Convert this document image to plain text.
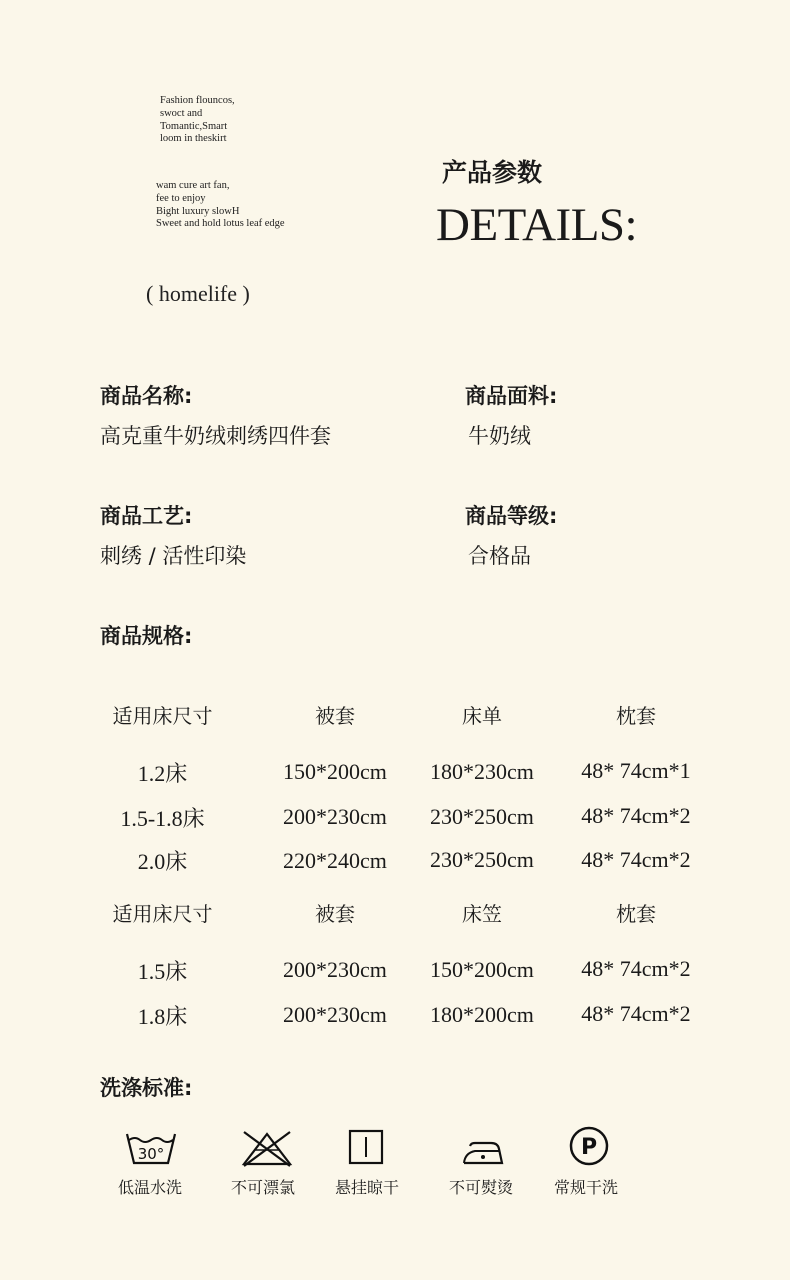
Fashion flouncos,
swoct and
Tomantic,Smart
loom in theskirt
wam cure art fan,
fee to enjoy
Bight luxury slowH
Sweet and hold lotus leaf edge
( homelife )
产品参数
DETAILS:
商品名称:
高克重牛奶绒刺绣四件套
商品面料:
牛奶绒
商品工艺:
刺绣 / 活性印染
商品等级:
合格品
商品规格:
适用床尺寸	被套	床单	枕套
1.2床	150*200cm	180*230cm	48* 74cm*1
1.5-1.8床	200*230cm	230*250cm	48* 74cm*2
2.0床	220*240cm	230*250cm	48* 74cm*2
适用床尺寸	被套	床笠	枕套
1.5床	200*230cm	150*200cm	48* 74cm*2
1.8床	200*230cm	180*200cm	48* 74cm*2
洗涤标准:
30°
低温水洗	不可漂氯	悬挂晾干	不可熨烫
P
常规干洗
